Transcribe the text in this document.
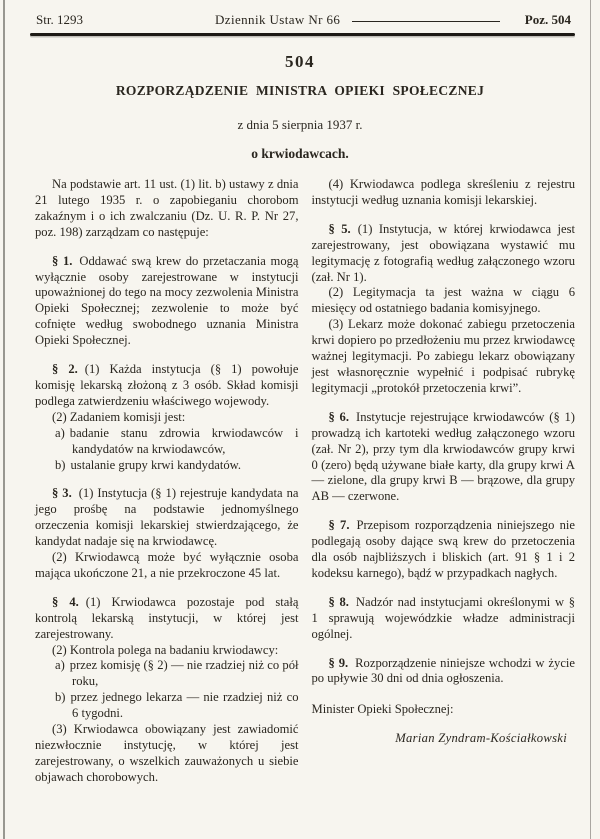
Str. 1293	Dziennik Ustaw Nr 66	Poz. 504
504
ROZPORZĄDZENIE MINISTRA OPIEKI SPOŁECZNEJ
z dnia 5 sierpnia 1937 r.
o krwiodawcach.

Na podstawie art. 11 ust. (1) lit. b) ustawy z dnia 21 lutego 1935 r. o zapobieganiu chorobom zakaźnym i o ich zwalczaniu (Dz. U. R. P. Nr 27, poz. 198) zarządzam co następuje:

§ 1. Oddawać swą krew do przetaczania mogą wyłącznie osoby zarejestrowane w instytucji upoważnionej do tego na mocy zezwolenia Ministra Opieki Społecznej; zezwolenie to może być cofnięte według swobodnego uznania Ministra Opieki Społecznej.

§ 2. (1) Każda instytucja (§ 1) powołuje komisję lekarską złożoną z 3 osób. Skład komisji podlega zatwierdzeniu właściwego wojewody.

(2) Zadaniem komisji jest:

a) badanie stanu zdrowia krwiodawców i kandydatów na krwiodawców,

b) ustalanie grupy krwi kandydatów.

§ 3. (1) Instytucja (§ 1) rejestruje kandydata na jego prośbę na podstawie jednomyślnego orzeczenia komisji lekarskiej stwierdzającego, że kandydat nadaje się na krwiodawcę.

(2) Krwiodawcą może być wyłącznie osoba mająca ukończone 21, a nie przekroczone 45 lat.

§ 4. (1) Krwiodawca pozostaje pod stałą kontrolą lekarską instytucji, w której jest zarejestrowany.

(2) Kontrola polega na badaniu krwiodawcy:

a) przez komisję (§ 2) — nie rzadziej niż co pół roku,

b) przez jednego lekarza — nie rzadziej niż co 6 tygodni.

(3) Krwiodawca obowiązany jest zawiadomić niezwłocznie instytucję, w której jest zarejestrowany, o wszelkich zauważonych u siebie objawach chorobowych.

(4) Krwiodawca podlega skreśleniu z rejestru instytucji według uznania komisji lekarskiej.

§ 5. (1) Instytucja, w której krwiodawca jest zarejestrowany, jest obowiązana wystawić mu legitymację z fotografią według załączonego wzoru (zał. Nr 1).

(2) Legitymacja ta jest ważna w ciągu 6 miesięcy od ostatniego badania komisyjnego.

(3) Lekarz może dokonać zabiegu przetoczenia krwi dopiero po przedłożeniu mu przez krwiodawcę ważnej legitymacji. Po zabiegu lekarz obowiązany jest własnoręcznie wypełnić i podpisać rubrykę legitymacji „protokół przetoczenia krwi”.

§ 6. Instytucje rejestrujące krwiodawców (§ 1) prowadzą ich kartoteki według załączonego wzoru (zał. Nr 2), przy tym dla krwiodawców grupy krwi 0 (zero) będą używane białe karty, dla grupy krwi A — zielone, dla grupy krwi B — brązowe, dla grupy AB — czerwone.

§ 7. Przepisom rozporządzenia niniejszego nie podlegają osoby dające swą krew do przetoczenia dla osób najbliższych i bliskich (art. 91 § 1 i 2 kodeksu karnego), bądź w przypadkach nagłych.

§ 8. Nadzór nad instytucjami określonymi w § 1 sprawują wojewódzkie władze administracji ogólnej.

§ 9. Rozporządzenie niniejsze wchodzi w życie po upływie 30 dni od dnia ogłoszenia.

Minister Opieki Społecznej:

Marian Zyndram-Kościałkowski
